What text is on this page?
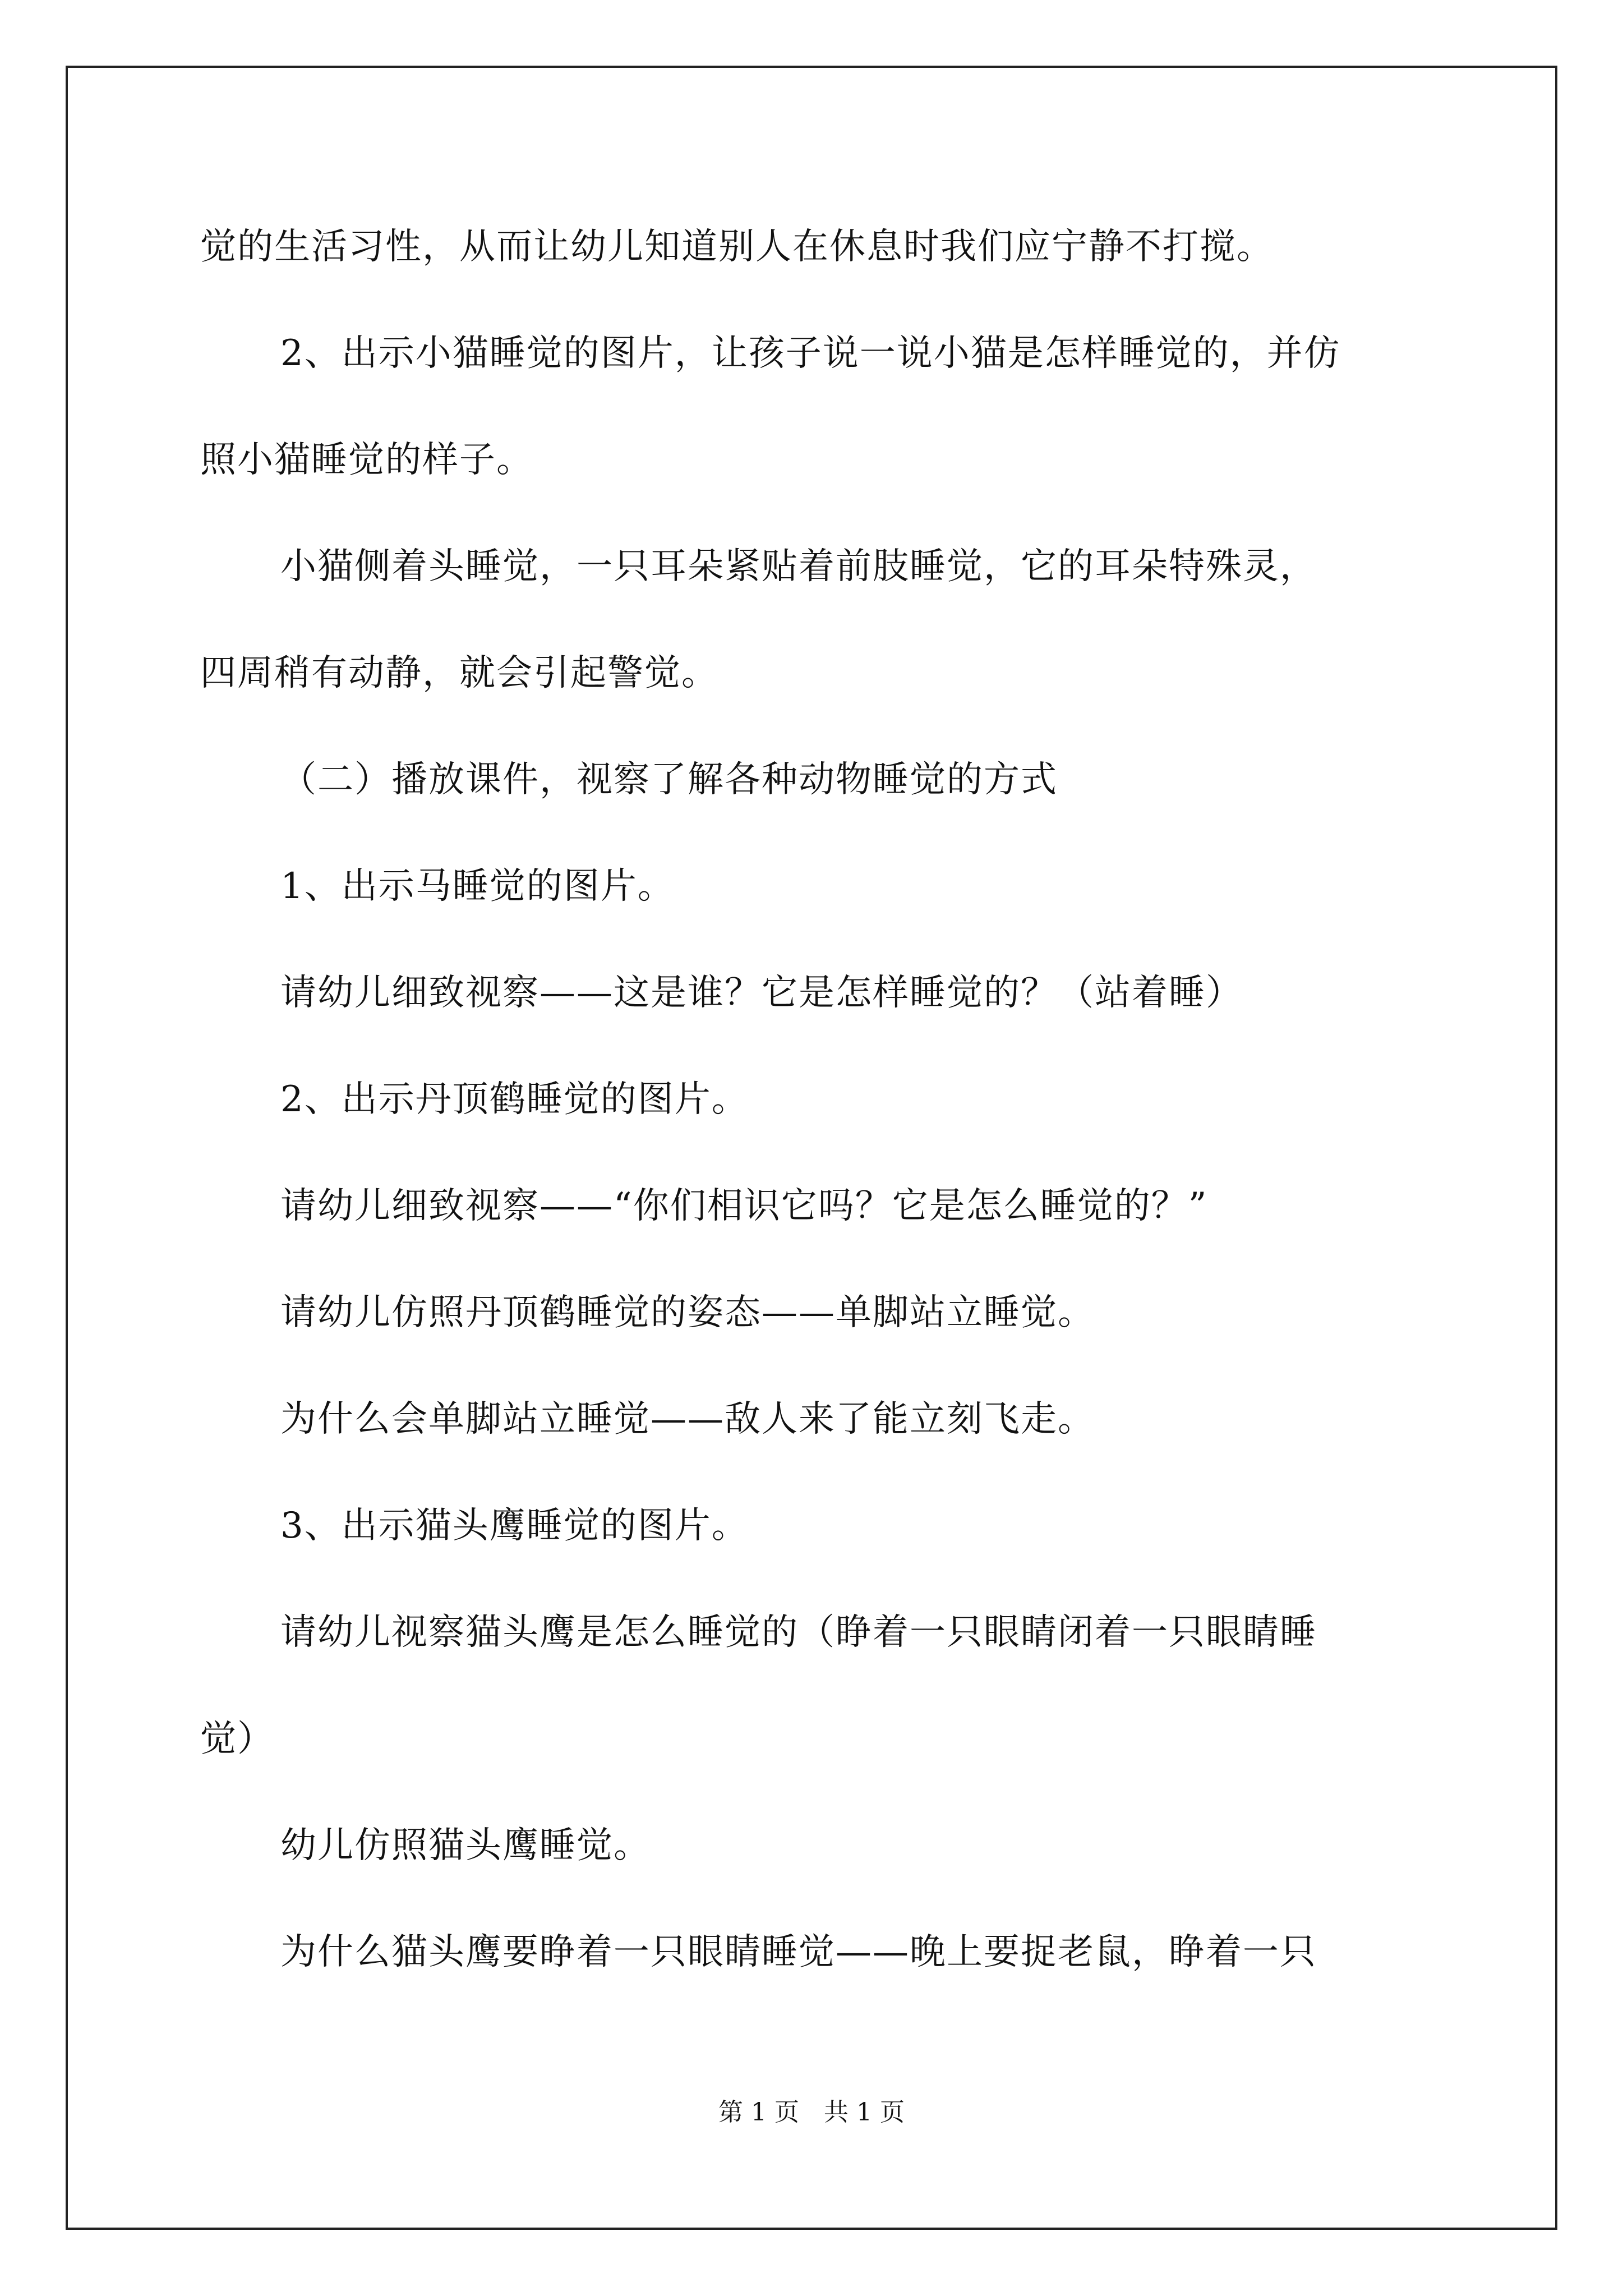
觉的生活习性，从而让幼儿知道别人在休息时我们应宁静不打搅。
2、出示小猫睡觉的图片，让孩子说一说小猫是怎样睡觉的，并仿
照小猫睡觉的样子。
小猫侧着头睡觉，一只耳朵紧贴着前肢睡觉，它的耳朵特殊灵，
四周稍有动静，就会引起警觉。
（二）播放课件，视察了解各种动物睡觉的方式
1、出示马睡觉的图片。
请幼儿细致视察——这是谁？它是怎样睡觉的？（站着睡）
2、出示丹顶鹤睡觉的图片。
请幼儿细致视察——“你们相识它吗？它是怎么睡觉的？”
请幼儿仿照丹顶鹤睡觉的姿态——单脚站立睡觉。
为什么会单脚站立睡觉——敌人来了能立刻飞走。
3、出示猫头鹰睡觉的图片。
请幼儿视察猫头鹰是怎么睡觉的（睁着一只眼睛闭着一只眼睛睡
觉）
幼儿仿照猫头鹰睡觉。
为什么猫头鹰要睁着一只眼睛睡觉——晚上要捉老鼠，睁着一只
第 1 页　共 1 页
